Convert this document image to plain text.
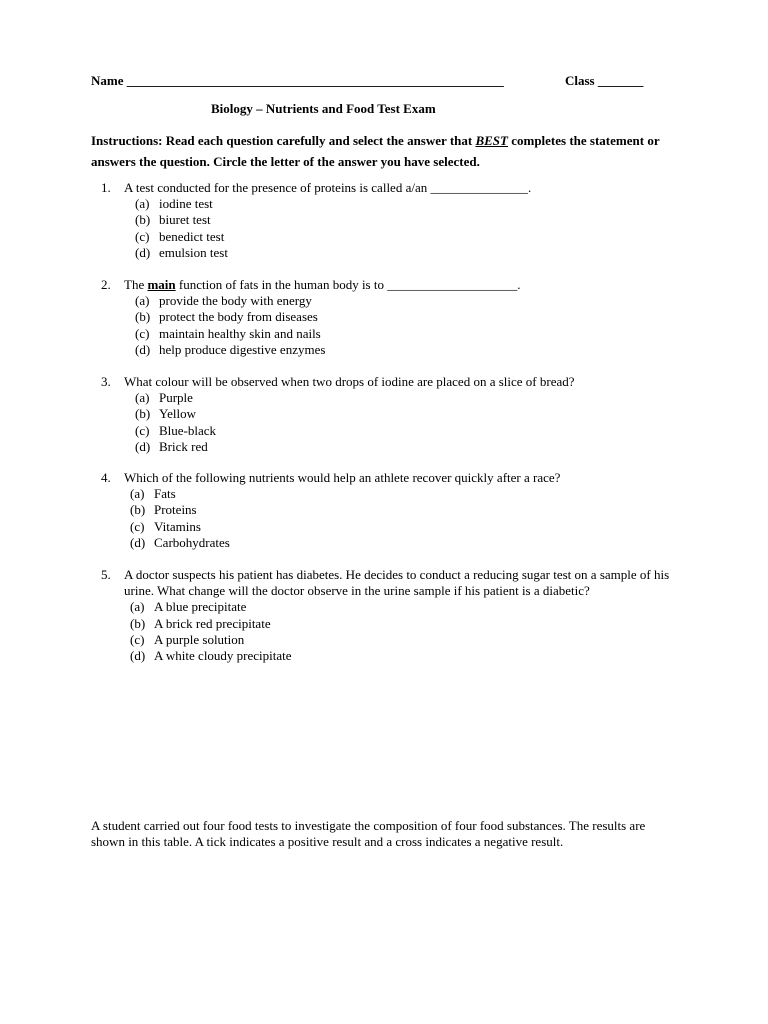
Name __________________________________________________________	Class _______
Biology – Nutrients and Food Test Exam
Instructions: Read each question carefully and select the answer that BEST completes the statement or answers the question. Circle the letter of the answer you have selected.
1. A test conducted for the presence of proteins is called a/an _______________.
(a) iodine test
(b) biuret test
(c) benedict test
(d) emulsion test
2. The main function of fats in the human body is to ____________________.
(a) provide the body with energy
(b) protect the body from diseases
(c) maintain healthy skin and nails
(d) help produce digestive enzymes
3. What colour will be observed when two drops of iodine are placed on a slice of bread?
(a) Purple
(b) Yellow
(c) Blue-black
(d) Brick red
4. Which of the following nutrients would help an athlete recover quickly after a race?
(a) Fats
(b) Proteins
(c) Vitamins
(d) Carbohydrates
5. A doctor suspects his patient has diabetes. He decides to conduct a reducing sugar test on a sample of his urine. What change will the doctor observe in the urine sample if his patient is a diabetic?
(a) A blue precipitate
(b) A brick red precipitate
(c) A purple solution
(d) A white cloudy precipitate
A student carried out four food tests to investigate the composition of four food substances. The results are shown in this table. A tick indicates a positive result and a cross indicates a negative result.
